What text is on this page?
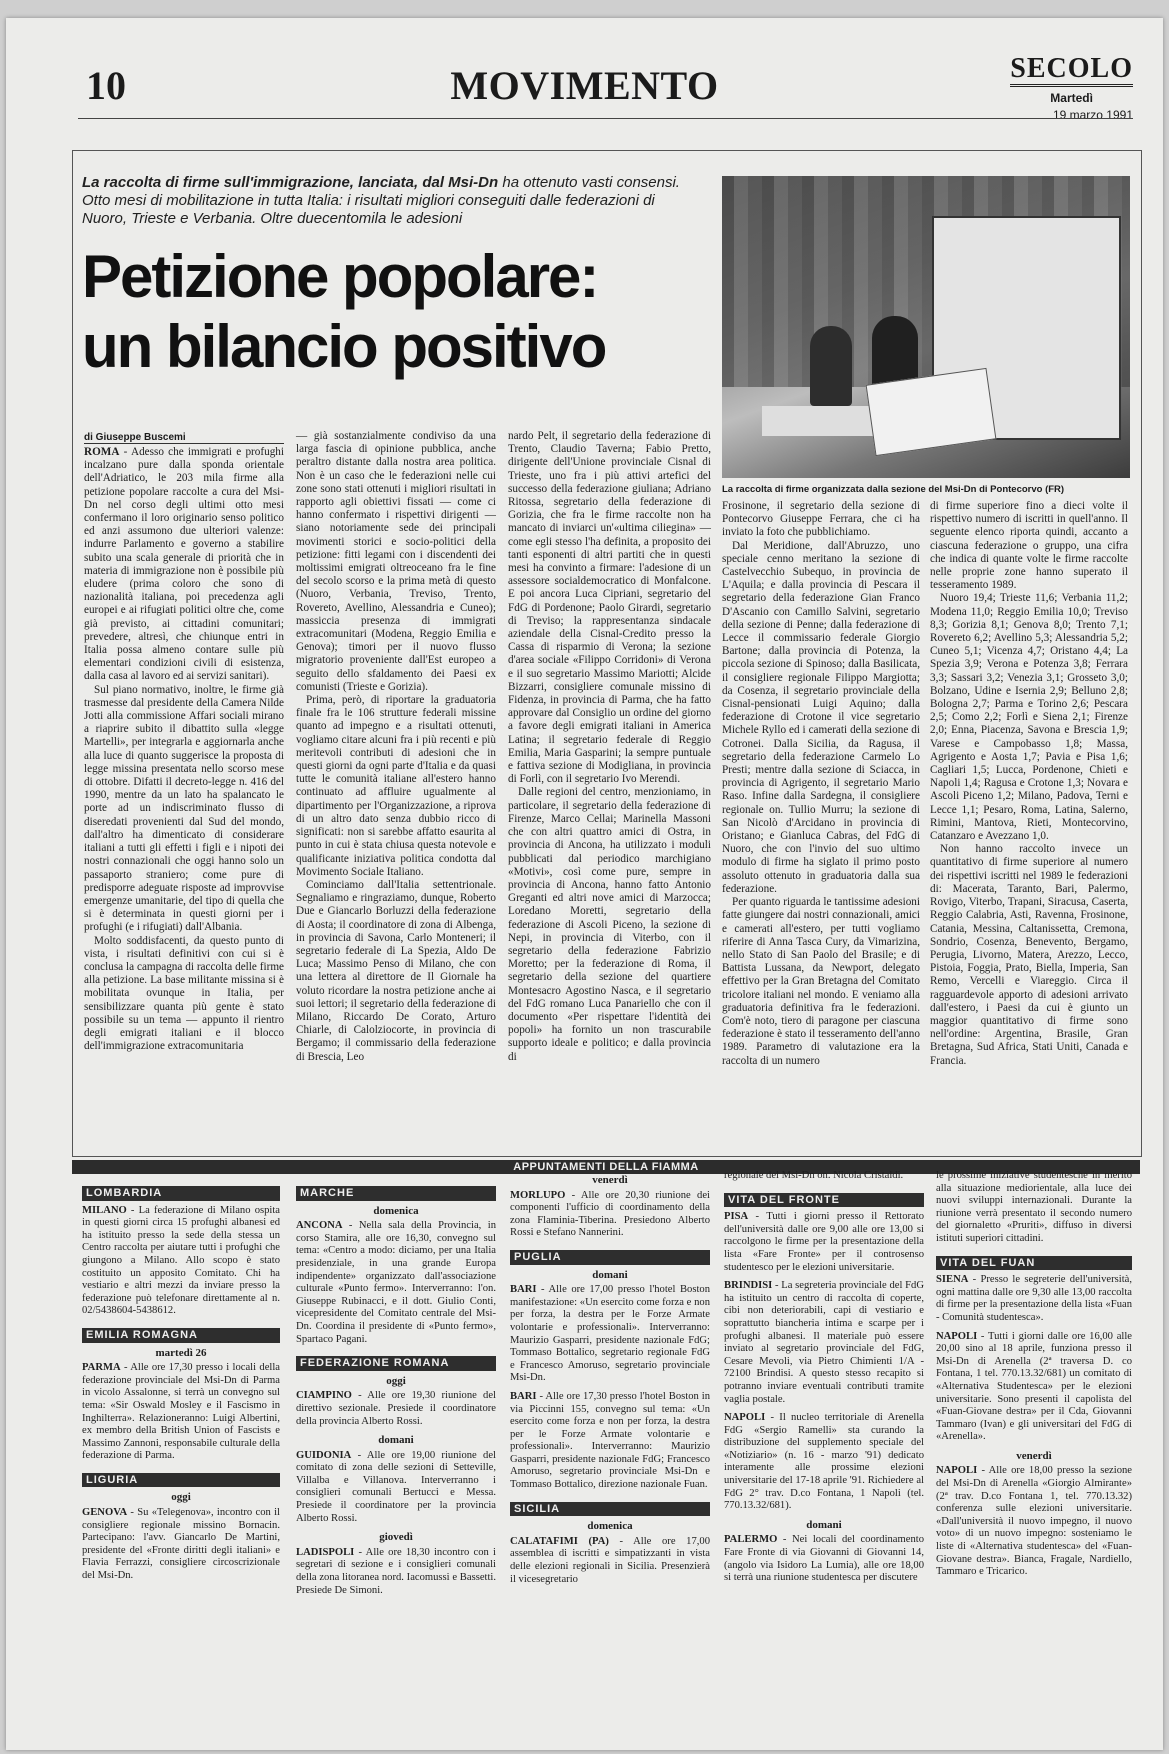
10	MOVIMENTO	SECOLO
Martedì
19 marzo 1991
La raccolta di firme sull'immigrazione, lanciata, dal Msi-Dn ha ottenuto vasti consensi. Otto mesi di mobilitazione in tutta Italia: i risultati migliori conseguiti dalle federazioni di Nuoro, Trieste e Verbania. Oltre duecentomila le adesioni
Petizione popolare: un bilancio positivo
La raccolta di firme organizzata dalla sezione del Msi-Dn di Pontecorvo (FR)
di Giuseppe Buscemi

ROMA - Adesso che immigrati e profughi incalzano pure dalla sponda orientale dell'Adriatico, le 203 mila firme alla petizione popolare raccolte a cura del Msi-Dn nel corso degli ultimi otto mesi confermano il loro originario senso politico ed anzi assumono due ulteriori valenze: indurre Parlamento e governo a stabilire subito una scala generale di priorità che in materia di immigrazione non è possibile più eludere (prima coloro che sono di nazionalità italiana, poi precedenza agli europei e ai rifugiati politici oltre che, come già previsto, ai cittadini comunitari; prevedere, altresì, che chiunque entri in Italia possa almeno contare sulle più elementari condizioni civili di esistenza, dalla casa al lavoro ed ai servizi sanitari).

Sul piano normativo, inoltre, le firme già trasmesse dal presidente della Camera Nilde Jotti alla commissione Affari sociali mirano a riaprire subito il dibattito sulla «legge Martelli», per integrarla e aggiornarla anche alla luce di quanto suggerisce la proposta di legge missina presentata nello scorso mese di ottobre. Difatti il decreto-legge n. 416 del 1990, mentre da un lato ha spalancato le porte ad un indiscriminato flusso di diseredati provenienti dal Sud del mondo, dall'altro ha dimenticato di considerare italiani a tutti gli effetti i figli e i nipoti dei nostri connazionali che oggi hanno solo un passaporto straniero; come pure di predisporre adeguate risposte ad improvvise emergenze umanitarie, del tipo di quella che si è determinata in questi giorni per i profughi (e i rifugiati) dall'Albania.

Molto soddisfacenti, da questo punto di vista, i risultati definitivi con cui si è conclusa la campagna di raccolta delle firme alla petizione. La base militante missina si è mobilitata ovunque in Italia, per sensibilizzare quanta più gente è stato possibile su un tema — appunto il rientro degli emigrati italiani e il blocco dell'immigrazione extracomunitaria

— già sostanzialmente condiviso da una larga fascia di opinione pubblica, anche peraltro distante dalla nostra area politica. Non è un caso che le federazioni nelle cui zone sono stati ottenuti i migliori risultati in rapporto agli obiettivi fissati — come ci hanno confermato i rispettivi dirigenti — siano notoriamente sede dei principali movimenti storici e socio-politici della petizione: fitti legami con i discendenti dei moltissimi emigrati oltreoceano fra le fine del secolo scorso e la prima metà di questo (Nuoro, Verbania, Treviso, Trento, Rovereto, Avellino, Alessandria e Cuneo); massiccia presenza di immigrati extracomunitari (Modena, Reggio Emilia e Genova); timori per il nuovo flusso migratorio proveniente dall'Est europeo a seguito dello sfaldamento dei Paesi ex comunisti (Trieste e Gorizia).

Prima, però, di riportare la graduatoria finale fra le 106 strutture federali missine quanto ad impegno e a risultati ottenuti, vogliamo citare alcuni fra i più recenti e più meritevoli contributi di adesioni che in questi giorni da ogni parte d'Italia e da quasi tutte le comunità italiane all'estero hanno continuato ad affluire ugualmente al dipartimento per l'Organizzazione, a riprova di un altro dato senza dubbio ricco di significati: non si sarebbe affatto esaurita al punto in cui è stata chiusa questa notevole e qualificante iniziativa politica condotta dal Movimento Sociale Italiano.

Cominciamo dall'Italia settentrionale. Segnaliamo e ringraziamo, dunque, Roberto Due e Giancarlo Borluzzi della federazione di Aosta; il coordinatore di zona di Albenga, in provincia di Savona, Carlo Monteneri; il segretario federale di La Spezia, Aldo De Luca; Massimo Penso di Milano, che con una lettera al direttore de Il Giornale ha voluto ricordare la nostra petizione anche ai suoi lettori; il segretario della federazione di Milano, Riccardo De Corato, Arturo Chiarle, di Calolziocorte, in provincia di Bergamo; il commissario della federazione di Brescia, Leo

nardo Pelt, il segretario della federazione di Trento, Claudio Taverna; Fabio Pretto, dirigente dell'Unione provinciale Cisnal di Trieste, uno fra i più attivi artefici del successo della federazione giuliana; Adriano Ritossa, segretario della federazione di Gorizia, che fra le firme raccolte non ha mancato di inviarci un'«ultima ciliegina» — come egli stesso l'ha definita, a proposito dei tanti esponenti di altri partiti che in questi mesi ha convinto a firmare: l'adesione di un assessore socialdemocratico di Monfalcone. E poi ancora Luca Cipriani, segretario del FdG di Pordenone; Paolo Girardi, segretario di Treviso; la rappresentanza sindacale aziendale della Cisnal-Credito presso la Cassa di risparmio di Verona; la sezione d'area sociale «Filippo Corridoni» di Verona e il suo segretario Massimo Mariotti; Alcide Bizzarri, consigliere comunale missino di Fidenza, in provincia di Parma, che ha fatto approvare dal Consiglio un ordine del giorno a favore degli emigrati italiani in America Latina; il segretario federale di Reggio Emilia, Maria Gasparini; la sempre puntuale e fattiva sezione di Modigliana, in provincia di Forlì, con il segretario Ivo Merendi.

Dalle regioni del centro, menzioniamo, in particolare, il segretario della federazione di Firenze, Marco Cellai; Marinella Massoni che con altri quattro amici di Ostra, in provincia di Ancona, ha utilizzato i moduli pubblicati dal periodico marchigiano «Motivi», così come pure, sempre in provincia di Ancona, hanno fatto Antonio Greganti ed altri nove amici di Marzocca; Loredano Moretti, segretario della federazione di Ascoli Piceno, la sezione di Nepi, in provincia di Viterbo, con il segretario della federazione Fabrizio Moretto; per la federazione di Roma, il segretario della sezione del quartiere Montesacro Agostino Nasca, e il segretario del FdG romano Luca Panariello che con il documento «Per rispettare l'identità dei popoli» ha fornito un non trascurabile supporto ideale e politico; e dalla provincia di

Frosinone, il segretario della sezione di Pontecorvo Giuseppe Ferrara, che ci ha inviato la foto che pubblichiamo.

Dal Meridione, dall'Abruzzo, uno speciale cenno meritano la sezione di Castelvecchio Subequo, in provincia de L'Aquila; e dalla provincia di Pescara il segretario della federazione Gian Franco D'Ascanio con Camillo Salvini, segretario della sezione di Penne; dalla federazione di Lecce il commissario federale Giorgio Bartone; dalla provincia di Potenza, la piccola sezione di Spinoso; dalla Basilicata, il consigliere regionale Filippo Margiotta; da Cosenza, il segretario provinciale della Cisnal-pensionati Luigi Aquino; dalla federazione di Crotone il vice segretario Michele Ryllo ed i camerati della sezione di Cotronei. Dalla Sicilia, da Ragusa, il segretario della federazione Carmelo Lo Presti; mentre dalla sezione di Sciacca, in provincia di Agrigento, il segretario Mario Raso. Infine dalla Sardegna, il consigliere regionale on. Tullio Murru; la sezione di San Nicolò d'Arcidano in provincia di Oristano; e Gianluca Cabras, del FdG di Nuoro, che con l'invio del suo ultimo modulo di firme ha siglato il primo posto assoluto ottenuto in graduatoria dalla sua federazione.

Per quanto riguarda le tantissime adesioni fatte giungere dai nostri connazionali, amici e camerati all'estero, per tutti vogliamo riferire di Anna Tasca Cury, da Vimarizina, nello Stato di San Paolo del Brasile; e di Battista Lussana, da Newport, delegato effettivo per la Gran Bretagna del Comitato tricolore italiani nel mondo. E veniamo alla graduatoria definitiva fra le federazioni. Com'è noto, tiero di paragone per ciascuna federazione è stato il tesseramento dell'anno 1989. Parametro di valutazione era la raccolta di un numero

di firme superiore fino a dieci volte il rispettivo numero di iscritti in quell'anno. Il seguente elenco riporta quindi, accanto a ciascuna federazione o gruppo, una cifra che indica di quante volte le firme raccolte nelle proprie zone hanno superato il tesseramento 1989.

Nuoro 19,4; Trieste 11,6; Verbania 11,2; Modena 11,0; Reggio Emilia 10,0; Treviso 8,3; Gorizia 8,1; Genova 8,0; Trento 7,1; Rovereto 6,2; Avellino 5,3; Alessandria 5,2; Cuneo 5,1; Vicenza 4,7; Oristano 4,4; La Spezia 3,9; Verona e Potenza 3,8; Ferrara 3,3; Sassari 3,2; Venezia 3,1; Grosseto 3,0; Bolzano, Udine e Isernia 2,9; Belluno 2,8; Bologna 2,7; Parma e Torino 2,6; Pescara 2,5; Como 2,2; Forlì e Siena 2,1; Firenze 2,0; Enna, Piacenza, Savona e Brescia 1,9; Varese e Campobasso 1,8; Massa, Agrigento e Aosta 1,7; Pavia e Pisa 1,6; Cagliari 1,5; Lucca, Pordenone, Chieti e Napoli 1,4; Ragusa e Crotone 1,3; Novara e Ascoli Piceno 1,2; Milano, Padova, Terni e Lecce 1,1; Pesaro, Roma, Latina, Salerno, Rimini, Mantova, Rieti, Montecorvino, Catanzaro e Avezzano 1,0.

Non hanno raccolto invece un quantitativo di firme superiore al numero dei rispettivi iscritti nel 1989 le federazioni di: Macerata, Taranto, Bari, Palermo, Rovigo, Viterbo, Trapani, Siracusa, Caserta, Reggio Calabria, Asti, Ravenna, Frosinone, Catania, Messina, Caltanissetta, Cremona, Sondrio, Cosenza, Benevento, Bergamo, Perugia, Livorno, Matera, Arezzo, Lecco, Pistoia, Foggia, Prato, Biella, Imperia, San Remo, Vercelli e Viareggio. Circa il ragguardevole apporto di adesioni arrivato dall'estero, i Paesi da cui è giunto un maggior quantitativo di firme sono nell'ordine: Argentina, Brasile, Gran Bretagna, Sud Africa, Stati Uniti, Canada e Francia.

APPUNTAMENTI DELLA FIAMMA
LOMBARDIA

MILANO - La federazione di Milano ospita in questi giorni circa 15 profughi albanesi ed ha istituito presso la sede della stessa un Centro raccolta per aiutare tutti i profughi che giungono a Milano. Allo scopo è stato costituito un apposito Comitato. Chi ha vestiario e altri mezzi da inviare presso la federazione può telefonare direttamente al n. 02/5438604-5438612.

EMILIA ROMAGNA
martedì 26

PARMA - Alle ore 17,30 presso i locali della federazione provinciale del Msi-Dn di Parma in vicolo Assalonne, si terrà un convegno sul tema: «Sir Oswald Mosley e il Fascismo in Inghilterra». Relazioneranno: Luigi Albertini, ex membro della British Union of Fascists e Massimo Zannoni, responsabile culturale della federazione di Parma.

LIGURIA
oggi

GENOVA - Su «Telegenova», incontro con il consigliere regionale missino Bornacin. Partecipano: l'avv. Giancarlo De Martini, presidente del «Fronte diritti degli italiani» e Flavia Ferrazzi, consigliere circoscrizionale del Msi-Dn.

MARCHE
domenica

ANCONA - Nella sala della Provincia, in corso Stamira, alle ore 16,30, convegno sul tema: «Centro a modo: diciamo, per una Italia presidenziale, in una grande Europa indipendente» organizzato dall'associazione culturale «Punto fermo». Interverranno: l'on. Giuseppe Rubinacci, e il dott. Giulio Conti, vicepresidente del Comitato centrale del Msi-Dn. Coordina il presidente di «Punto fermo», Spartaco Pagani.

FEDERAZIONE ROMANA
oggi

CIAMPINO - Alle ore 19,30 riunione del direttivo sezionale. Presiede il coordinatore della provincia Alberto Rossi.

domani

GUIDONIA - Alle ore 19,00 riunione del comitato di zona delle sezioni di Setteville, Villalba e Villanova. Interverranno i consiglieri comunali Bertucci e Messa. Presiede il coordinatore per la provincia Alberto Rossi.

giovedì

LADISPOLI - Alle ore 18,30 incontro con i segretari di sezione e i consiglieri comunali della zona litoranea nord. Iacomussi e Bassetti. Presiede De Simoni.

venerdì

MORLUPO - Alle ore 20,30 riunione dei componenti l'ufficio di coordinamento della zona Flaminia-Tiberina. Presiedono Alberto Rossi e Stefano Nannerini.

PUGLIA
domani

BARI - Alle ore 17,00 presso l'hotel Boston manifestazione: «Un esercito come forza e non per forza, la destra per le Forze Armate volontarie e professionali». Interverranno: Maurizio Gasparri, presidente nazionale FdG; Tommaso Bottalico, segretario regionale FdG e Francesco Amoruso, segretario provinciale Msi-Dn.

BARI - Alle ore 17,30 presso l'hotel Boston in via Piccinni 155, convegno sul tema: «Un esercito come forza e non per forza, la destra per le Forze Armate volontarie e professionali». Interverranno: Maurizio Gasparri, presidente nazionale FdG; Francesco Amoruso, segretario provinciale Msi-Dn e Tommaso Bottalico, direzione nazionale Fuan.

SICILIA
domenica

CALATAFIMI (PA) - Alle ore 17,00 assemblea di iscritti e simpatizzanti in vista delle elezioni regionali in Sicilia. Presenzierà il vicesegretario

regionale del Msi-Dn on. Nicola Cristaldi.

VITA DEL FRONTE

PISA - Tutti i giorni presso il Rettorato dell'università dalle ore 9,00 alle ore 13,00 si raccolgono le firme per la presentazione della lista «Fare Fronte» per il controsenso studentesco per le elezioni universitarie.

BRINDISI - La segreteria provinciale del FdG ha istituito un centro di raccolta di coperte, cibi non deteriorabili, capi di vestiario e soprattutto biancheria intima e scarpe per i profughi albanesi. Il materiale può essere inviato al segretario provinciale del FdG, Cesare Mevoli, via Pietro Chimienti 1/A - 72100 Brindisi. A questo stesso recapito si potranno inviare eventuali contributi tramite vaglia postale.

NAPOLI - Il nucleo territoriale di Arenella FdG «Sergio Ramelli» sta curando la distribuzione del supplemento speciale del «Notiziario» (n. 16 - marzo '91) dedicato interamente alle prossime elezioni universitarie del 17-18 aprile '91. Richiedere al FdG 2° trav. D.co Fontana, 1 Napoli (tel. 770.13.32/681).

domani

PALERMO - Nei locali del coordinamento Fare Fronte di via Giovanni di Giovanni 14, (angolo via Isidoro La Lumia), alle ore 18,00 si terrà una riunione studentesca per discutere

le prossime iniziative studentesche in merito alla situazione mediorientale, alla luce dei nuovi sviluppi internazionali. Durante la riunione verrà presentato il secondo numero del giornaletto «Pruriti», diffuso in diversi istituti superiori cittadini.

VITA DEL FUAN

SIENA - Presso le segreterie dell'università, ogni mattina dalle ore 9,30 alle 13,00 raccolta di firme per la presentazione della lista «Fuan - Comunità studentesca».

NAPOLI - Tutti i giorni dalle ore 16,00 alle 20,00 sino al 18 aprile, funziona presso il Msi-Dn di Arenella (2ª traversa D. co Fontana, 1 tel. 770.13.32/681) un comitato di «Alternativa Studentesca» per le elezioni universitarie. Sono presenti il capolista del «Fuan-Giovane destra» per il Cda, Giovanni Tammaro (Ivan) e gli universitari del FdG di «Arenella».

venerdì

NAPOLI - Alle ore 18,00 presso la sezione del Msi-Dn di Arenella «Giorgio Almirante» (2ª trav. D.co Fontana 1, tel. 770.13.32) conferenza sulle elezioni universitarie. «Dall'università il nuovo impegno, il nuovo voto» di un nuovo impegno: sosteniamo le liste di «Alternativa studentesca» del «Fuan-Giovane destra». Bianca, Fragale, Nardiello, Tammaro e Tricarico.
